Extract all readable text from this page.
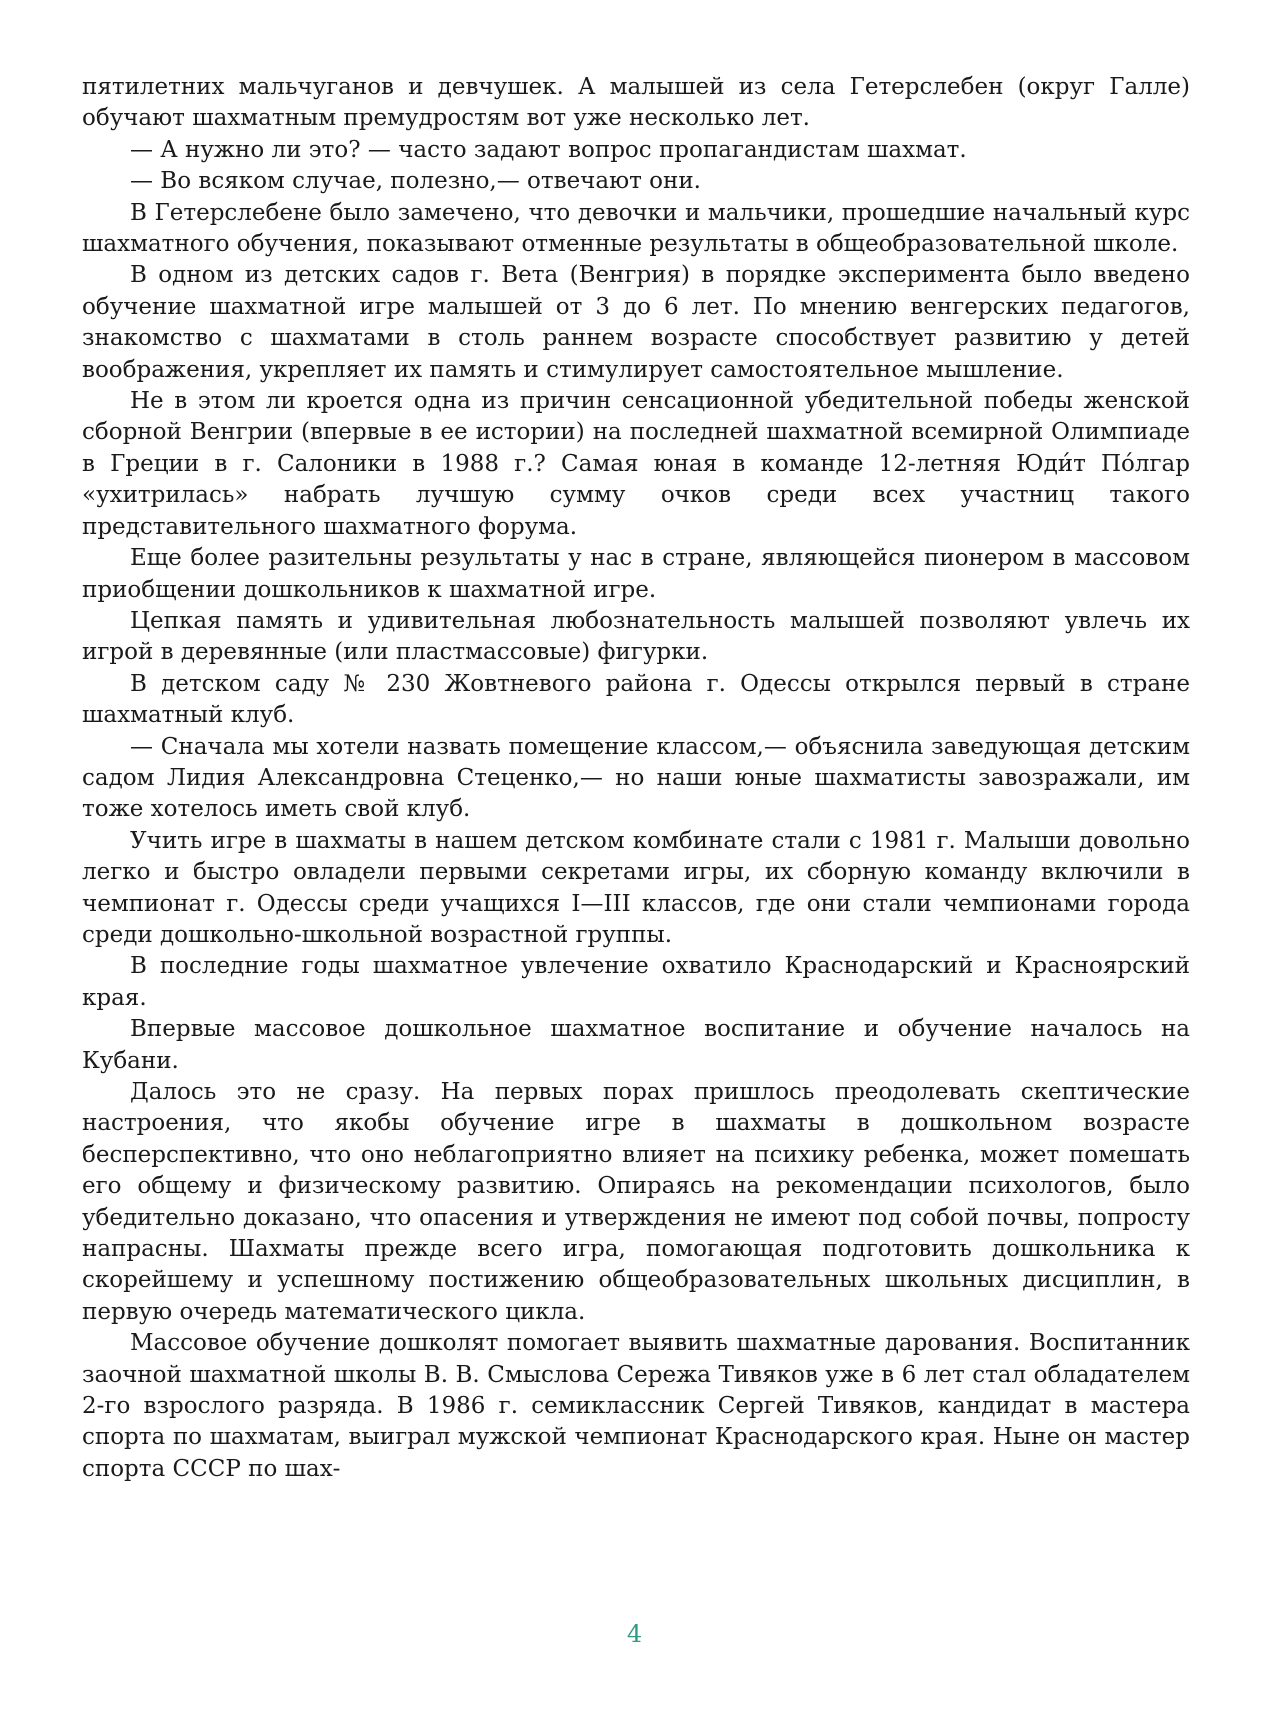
пятилетних мальчуганов и девчушек. А малышей из села Гетерслебен (округ Галле) обучают шахматным премудростям вот уже несколько лет.

— А нужно ли это? — часто задают вопрос пропагандистам шахмат.

— Во всяком случае, полезно,— отвечают они.

В Гетерслебене было замечено, что девочки и мальчики, прошедшие начальный курс шахматного обучения, показывают отменные результаты в общеобразовательной школе.

В одном из детских садов г. Вета (Венгрия) в порядке эксперимента было введено обучение шахматной игре малышей от 3 до 6 лет. По мнению венгерских педагогов, знакомство с шахматами в столь раннем возрасте способствует развитию у детей воображения, укрепляет их память и стимулирует самостоятельное мышление.

Не в этом ли кроется одна из причин сенсационной убедительной победы женской сборной Венгрии (впервые в ее истории) на последней шахматной всемирной Олимпиаде в Греции в г. Салоники в 1988 г.? Самая юная в команде 12-летняя Юди́т По́лгар «ухитрилась» набрать лучшую сумму очков среди всех участниц такого представительного шахматного форума.

Еще более разительны результаты у нас в стране, являющейся пионером в массовом приобщении дошкольников к шахматной игре.

Цепкая память и удивительная любознательность малышей позволяют увлечь их игрой в деревянные (или пластмассовые) фигурки.

В детском саду № 230 Жовтневого района г. Одессы открылся первый в стране шахматный клуб.

— Сначала мы хотели назвать помещение классом,— объяснила заведующая детским садом Лидия Александровна Стеценко,— но наши юные шахматисты завозражали, им тоже хотелось иметь свой клуб.

Учить игре в шахматы в нашем детском комбинате стали с 1981 г. Малыши довольно легко и быстро овладели первыми секретами игры, их сборную команду включили в чемпионат г. Одессы среди учащихся I—III классов, где они стали чемпионами города среди дошкольно-школьной возрастной группы.

В последние годы шахматное увлечение охватило Краснодарский и Красноярский края.

Впервые массовое дошкольное шахматное воспитание и обучение началось на Кубани.

Далось это не сразу. На первых порах пришлось преодолевать скептические настроения, что якобы обучение игре в шахматы в дошкольном возрасте бесперспективно, что оно неблагоприятно влияет на психику ребенка, может помешать его общему и физическому развитию. Опираясь на рекомендации психологов, было убедительно доказано, что опасения и утверждения не имеют под собой почвы, попросту напрасны. Шахматы прежде всего игра, помогающая подготовить дошкольника к скорейшему и успешному постижению общеобразовательных школьных дисциплин, в первую очередь математического цикла.

Массовое обучение дошколят помогает выявить шахматные дарования. Воспитанник заочной шахматной школы В. В. Смыслова Сережа Тивяков уже в 6 лет стал обладателем 2-го взрослого разряда. В 1986 г. семиклассник Сергей Тивяков, кандидат в мастера спорта по шахматам, выиграл мужской чемпионат Краснодарского края. Ныне он мастер спорта СССР по шах-

4
